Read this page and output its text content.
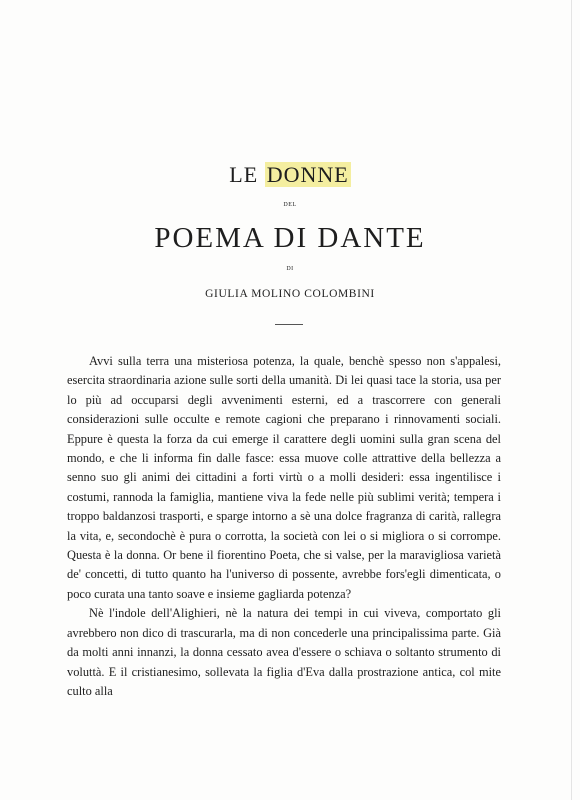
LE DONNE
DEL
POEMA DI DANTE
DI
GIULIA MOLINO COLOMBINI

Avvi sulla terra una misteriosa potenza, la quale, benchè spesso non s'appalesi, esercita straordinaria azione sulle sorti della umanità. Di lei quasi tace la storia, usa per lo più ad occuparsi degli avvenimenti esterni, ed a trascorrere con generali considerazioni sulle occulte e remote cagioni che preparano i rinnovamenti sociali. Eppure è questa la forza da cui emerge il carattere degli uomini sulla gran scena del mondo, e che li informa fin dalle fasce: essa muove colle attrattive della bellezza a senno suo gli animi dei cittadini a forti virtù o a molli desideri: essa ingentilisce i costumi, rannoda la famiglia, mantiene viva la fede nelle più sublimi verità; tempera i troppo baldanzosi trasporti, e sparge intorno a sè una dolce fragranza di carità, rallegra la vita, e, secondochè è pura o corrotta, la società con lei o si migliora o si corrompe. Questa è la donna. Or bene il fiorentino Poeta, che si valse, per la maravigliosa varietà de' concetti, di tutto quanto ha l'universo di possente, avrebbe fors'egli dimenticata, o poco curata una tanto soave e insieme gagliarda potenza?

Nè l'indole dell'Alighieri, nè la natura dei tempi in cui viveva, comportato gli avrebbero non dico di trascurarla, ma di non concederle una principalissima parte. Già da molti anni innanzi, la donna cessato avea d'essere o schiava o soltanto strumento di voluttà. E il cristianesimo, sollevata la figlia d'Eva dalla prostrazione antica, col mite culto alla
